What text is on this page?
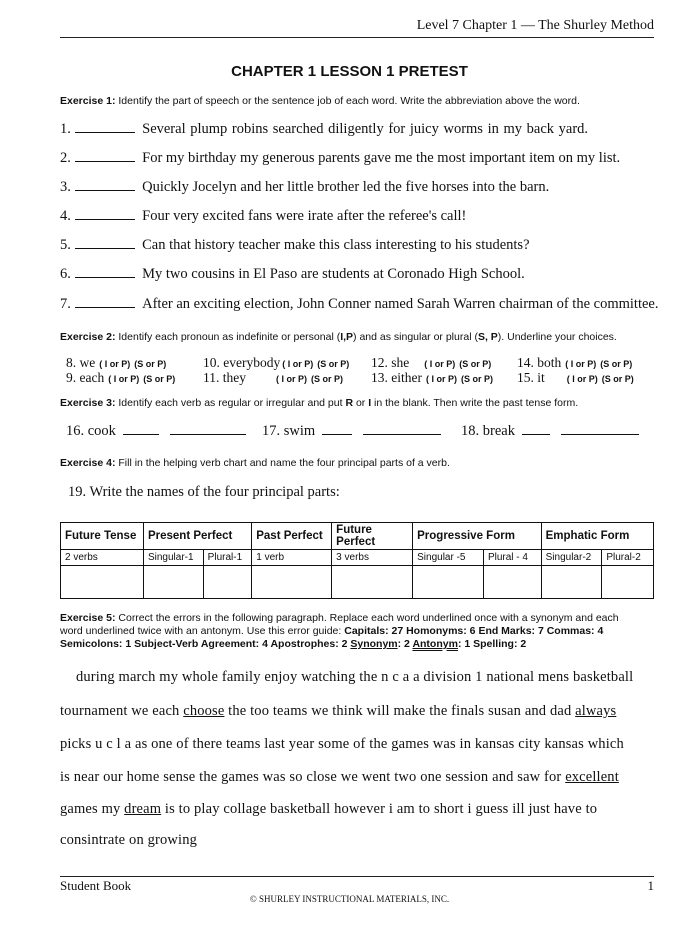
Level 7 Chapter 1 — The Shurley Method
CHAPTER 1 LESSON 1 PRETEST
Exercise 1: Identify the part of speech or the sentence job of each word. Write the abbreviation above the word.
1.	Several plump robins searched diligently for juicy worms in my back yard.
2.	For my birthday my generous parents gave me the most important item on my list.
3.	Quickly Jocelyn and her little brother led the five horses into the barn.
4.	Four very excited fans were irate after the referee's call!
5.	Can that history teacher make this class interesting to his students?
6.	My two cousins in El Paso are students at Coronado High School.
7.	After an exciting election, John Conner named Sarah Warren chairman of the committee.
Exercise 2: Identify each pronoun as indefinite or personal (I,P) and as singular or plural (S, P). Underline your choices.
8. we ( I or P) (S or P)	10. everybody ( I or P) (S or P) 12. she ( I or P) (S or P) 14. both ( I or P) (S or P)
9. each ( I or P) (S or P) 11. they	( I or P) (S or P) 13. either ( I or P) (S or P) 15. it ( I or P) (S or P)
Exercise 3: Identify each verb as regular or irregular and put R or I in the blank. Then write the past tense form.
16. cook	17. swim	18. break
Exercise 4: Fill in the helping verb chart and name the four principal parts of a verb.
19. Write the names of the four principal parts:
Future Tense	Present Perfect		Past Perfect	Future Perfect	Progressive Form		Emphatic Form	
2 verbs	Singular-1	Plural-1	1 verb	3 verbs	Singular -5	Plural - 4	Singular-2	Plural-2

Exercise 5: Correct the errors in the following paragraph. Replace each word underlined once with a synonym and each
word underlined twice with an antonym. Use this error guide: Capitals: 27 Homonyms: 6 End Marks: 7 Commas: 4
Semicolons: 1 Subject-Verb Agreement: 4 Apostrophes: 2 Synonym: 2 Antonym: 1 Spelling: 2
during march my whole family enjoy watching the n c a a division 1 national mens basketball
tournament we each choose the too teams we think will make the finals susan and dad always
picks u c l a as one of there teams last year some of the games was in kansas city kansas which
is near our home sense the games was so close we went two one session and saw for excellent
games my dream is to play collage basketball however i am to short i guess ill just have to
consintrate on growing
Student Book	1
© SHURLEY INSTRUCTIONAL MATERIALS, INC.
